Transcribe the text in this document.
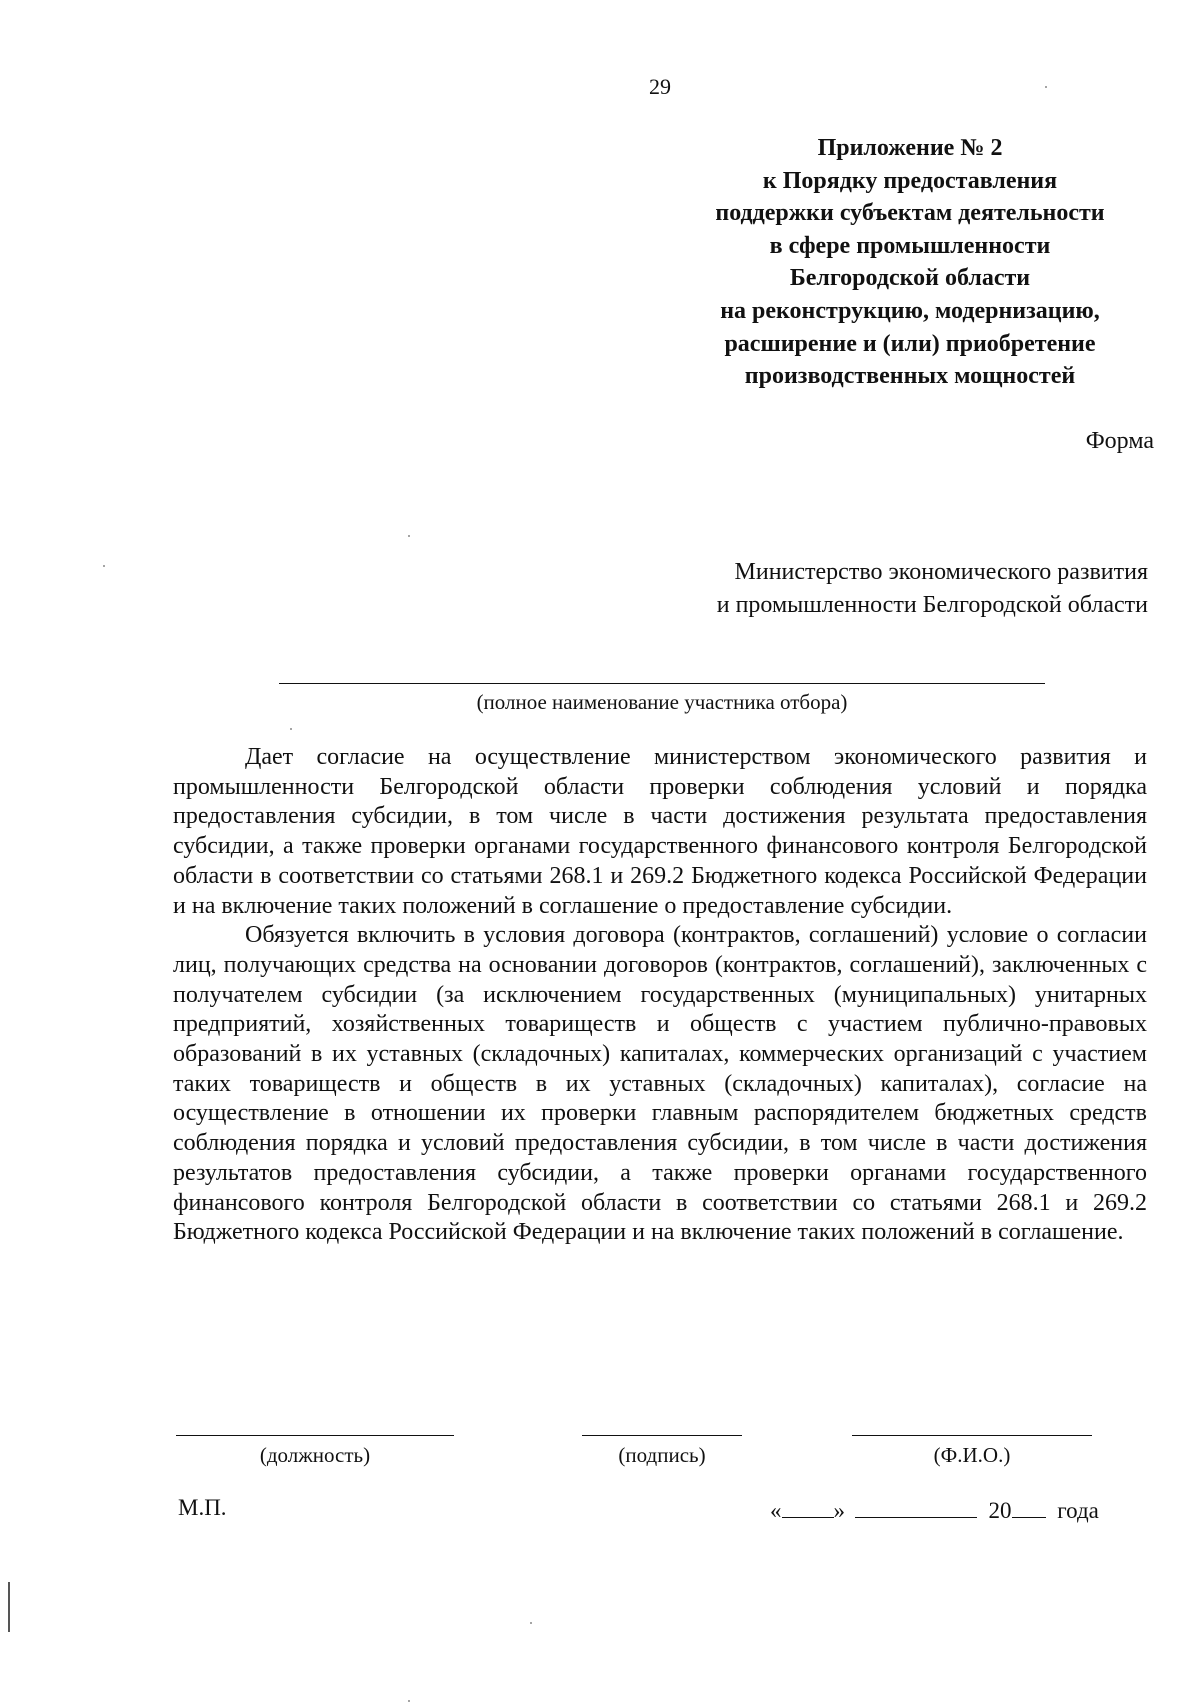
29
Приложение № 2
к Порядку предоставления
поддержки субъектам деятельности
в сфере промышленности
Белгородской области
на реконструкцию, модернизацию,
расширение и (или) приобретение
производственных мощностей
Форма
Министерство экономического развития
и промышленности Белгородской области
(полное наименование участника отбора)

Дает согласие на осуществление министерством экономического развития и промышленности Белгородской области проверки соблюдения условий и порядка предоставления субсидии, в том числе в части достижения результата предоставления субсидии, а также проверки органами государственного финансового контроля Белгородской области в соответствии со статьями 268.1 и 269.2 Бюджетного кодекса Российской Федерации и на включение таких положений в соглашение о предоставление субсидии.

Обязуется включить в условия договора (контрактов, соглашений) условие о согласии лиц, получающих средства на основании договоров (контрактов, соглашений), заключенных с получателем субсидии (за исключением государственных (муниципальных) унитарных предприятий, хозяйственных товариществ и обществ с участием публично-правовых образований в их уставных (складочных) капиталах, коммерческих организаций с участием таких товариществ и обществ в их уставных (складочных) капиталах), согласие на осуществление в отношении их проверки главным распорядителем бюджетных средств соблюдения порядка и условий предоставления субсидии, в том числе в части достижения результатов предоставления субсидии, а также проверки органами государственного финансового контроля Белгородской области в соответствии со статьями 268.1 и 269.2 Бюджетного кодекса Российской Федерации и на включение таких положений в соглашение.

(должность)	(подпись)	(Ф.И.О.)
М.П.	« »	20 года
